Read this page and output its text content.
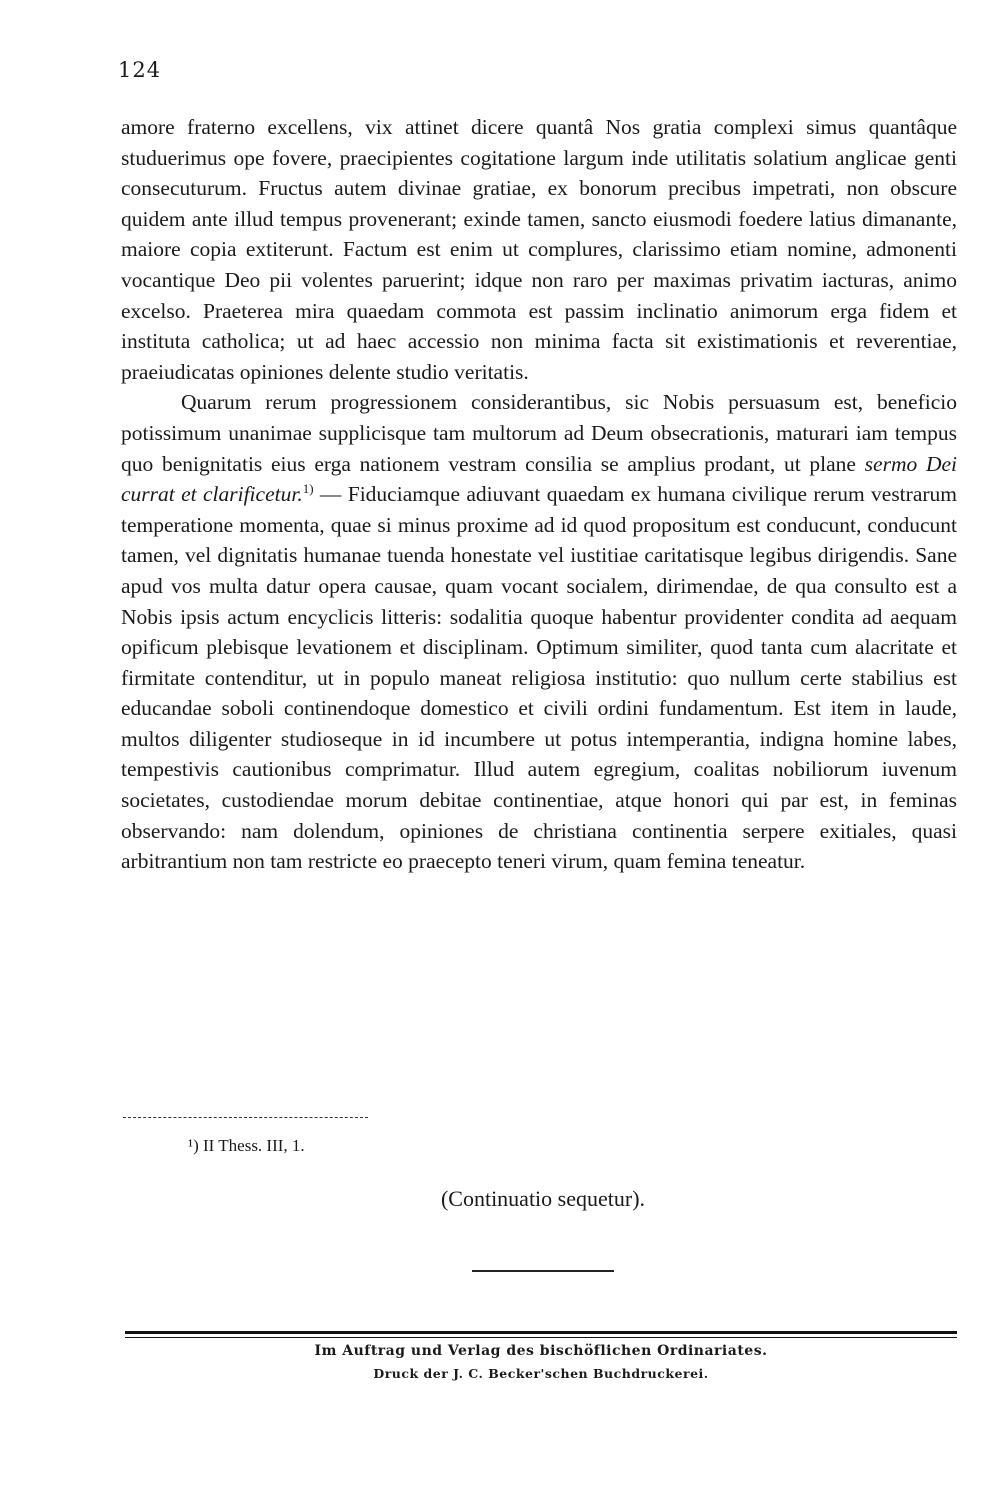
124

amore fraterno excellens, vix attinet dicere quantâ Nos gratia complexi simus quantâque studuerimus ope fovere, praecipientes cogitatione largum inde utilitatis solatium anglicae genti consecuturum. Fructus autem divinae gratiae, ex bonorum precibus impetrati, non obscure quidem ante illud tempus provenerant; exinde tamen, sancto eiusmodi foedere latius dimanante, maiore copia extiterunt. Factum est enim ut complures, clarissimo etiam nomine, admonenti vocantique Deo pii volentes paruerint; idque non raro per maximas privatim iacturas, animo excelso. Praeterea mira quaedam commota est passim inclinatio animorum erga fidem et instituta catholica; ut ad haec accessio non minima facta sit existimationis et reverentiae, praeiudicatas opiniones delente studio veritatis.

Quarum rerum progressionem considerantibus, sic Nobis persuasum est, beneficio potissimum unanimae supplicisque tam multorum ad Deum obsecrationis, maturari iam tempus quo benignitatis eius erga nationem vestram consilia se amplius prodant, ut plane sermo Dei currat et clarificetur.$^{1)}$ — Fiduciamque adiuvant quaedam ex humana civilique rerum vestrarum temperatione momenta, quae si minus proxime ad id quod propositum est conducunt, conducunt tamen, vel dignitatis humanae tuenda honestate vel iustitiae caritatisque legibus dirigendis. Sane apud vos multa datur opera causae, quam vocant socialem, dirimendae, de qua consulto est a Nobis ipsis actum encyclicis litteris: sodalitia quoque habentur providenter condita ad aequam opificum plebisque levationem et disciplinam. Optimum similiter, quod tanta cum alacritate et firmitate contenditur, ut in populo maneat religiosa institutio: quo nullum certe stabilius est educandae soboli continendoque domestico et civili ordini fundamentum. Est item in laude, multos diligenter studioseque in id incumbere ut potus intemperantia, indigna homine labes, tempestivis cautionibus comprimatur. Illud autem egregium, coalitas nobiliorum iuvenum societates, custodiendae morum debitae continentiae, atque honori qui par est, in feminas observando: nam dolendum, opiniones de christiana continentia serpere exitiales, quasi arbitrantium non tam restricte eo praecepto teneri virum, quam femina teneatur.

¹) II Thess. III, 1.
(Continuatio sequetur).
Im Auftrag und Verlag des bischöflichen Ordinariates.
Druck der J. C. Becker'schen Buchdruckerei.
